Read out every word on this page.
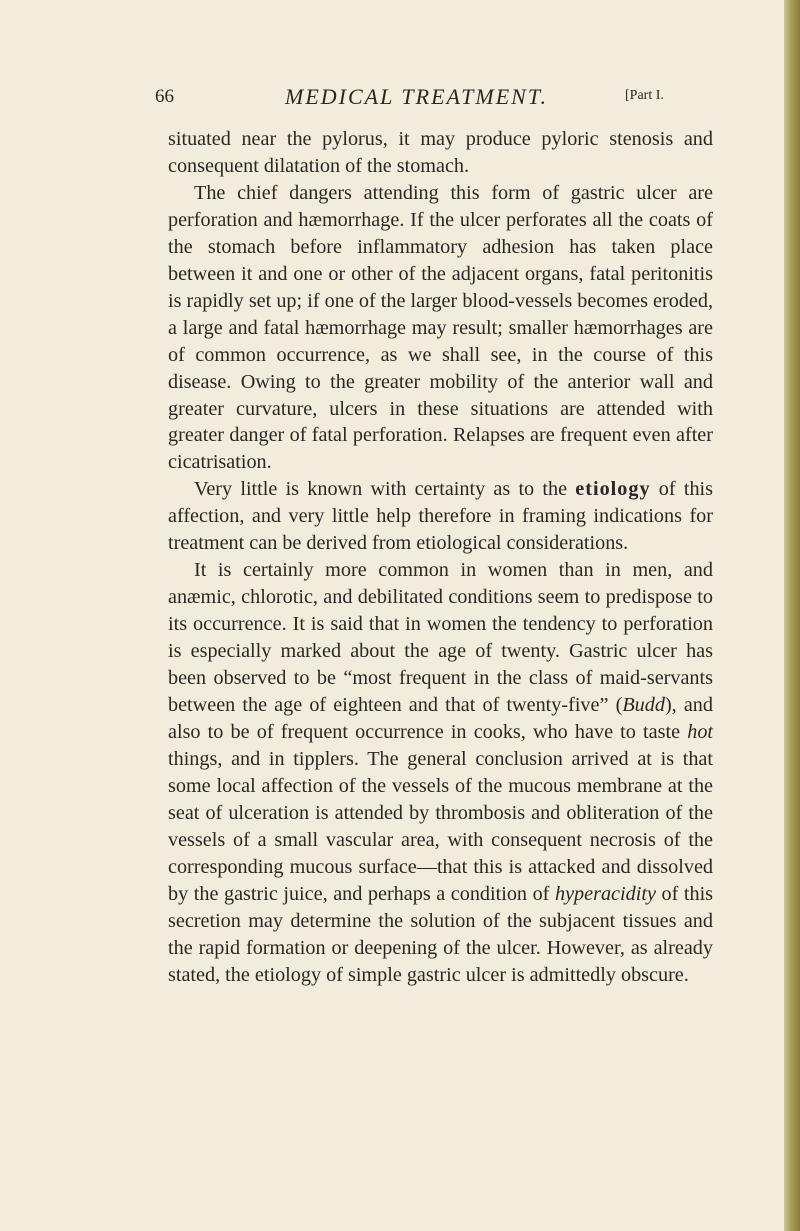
66	MEDICAL TREATMENT.	[Part I.

situated near the pylorus, it may produce pyloric stenosis and consequent dilatation of the stomach.

The chief dangers attending this form of gastric ulcer are perforation and hæmorrhage. If the ulcer perforates all the coats of the stomach before inflammatory adhesion has taken place between it and one or other of the adjacent organs, fatal peritonitis is rapidly set up; if one of the larger blood-vessels becomes eroded, a large and fatal hæmorrhage may result; smaller hæmorrhages are of common occurrence, as we shall see, in the course of this disease. Owing to the greater mobility of the anterior wall and greater curvature, ulcers in these situations are attended with greater danger of fatal perforation. Relapses are frequent even after cicatrisation.

Very little is known with certainty as to the etiology of this affection, and very little help therefore in framing indications for treatment can be derived from etiological considerations.

It is certainly more common in women than in men, and anæmic, chlorotic, and debilitated conditions seem to predispose to its occurrence. It is said that in women the tendency to perforation is especially marked about the age of twenty. Gastric ulcer has been observed to be “most frequent in the class of maid-servants between the age of eighteen and that of twenty-five” (Budd), and also to be of frequent occurrence in cooks, who have to taste hot things, and in tipplers. The general conclusion arrived at is that some local affection of the vessels of the mucous membrane at the seat of ulceration is attended by thrombosis and obliteration of the vessels of a small vascular area, with consequent necrosis of the corresponding mucous surface—that this is attacked and dissolved by the gastric juice, and perhaps a condition of hyperacidity of this secretion may determine the solution of the subjacent tissues and the rapid formation or deepening of the ulcer. However, as already stated, the etiology of simple gastric ulcer is admittedly obscure.
